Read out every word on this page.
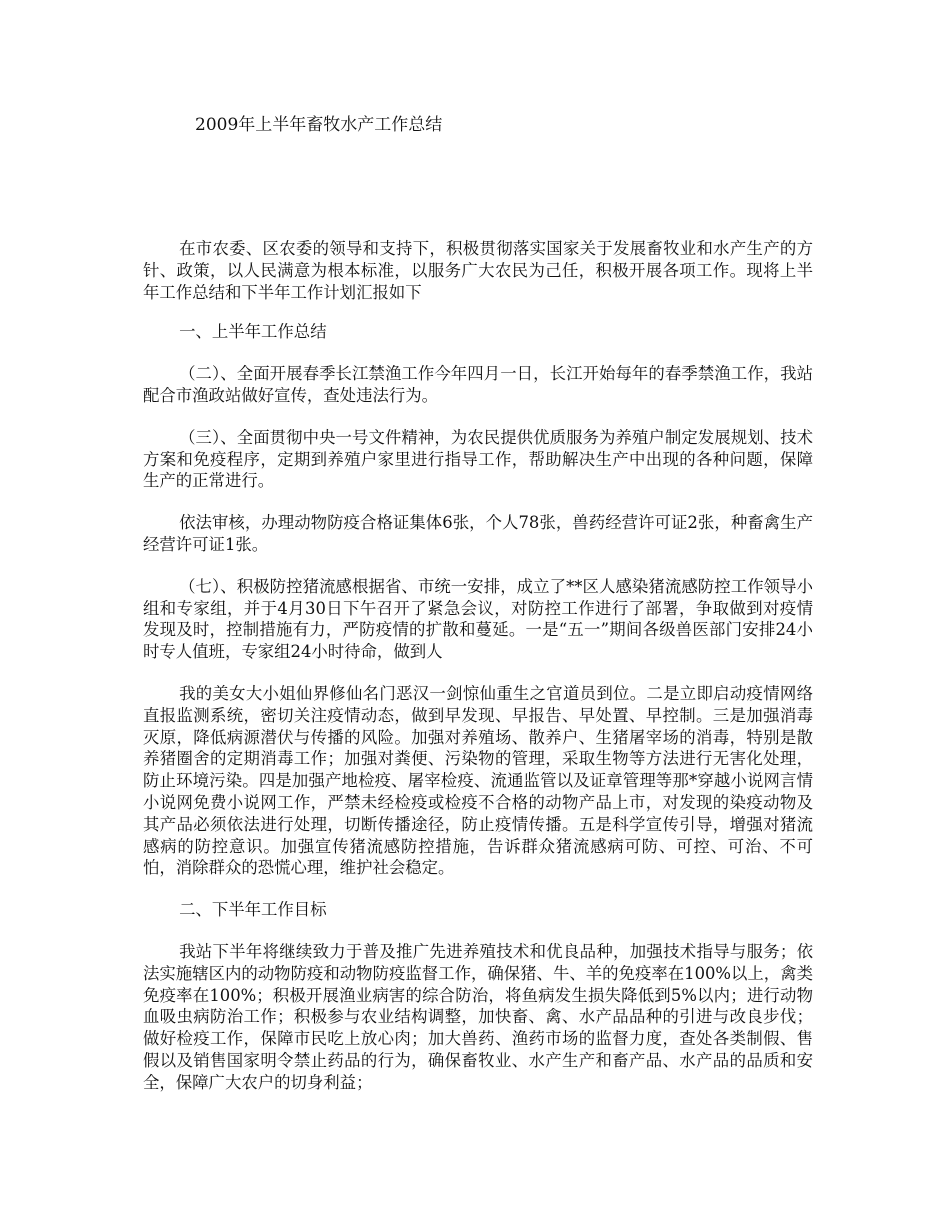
2009年上半年畜牧水产工作总结

在市农委、区农委的领导和支持下，积极贯彻落实国家关于发展畜牧业和水产生产的方针、政策，以人民满意为根本标准，以服务广大农民为己任，积极开展各项工作。现将上半年工作总结和下半年工作计划汇报如下

一、上半年工作总结

（二）、全面开展春季长江禁渔工作今年四月一日，长江开始每年的春季禁渔工作，我站配合市渔政站做好宣传，查处违法行为。

（三）、全面贯彻中央一号文件精神，为农民提供优质服务为养殖户制定发展规划、技术方案和免疫程序，定期到养殖户家里进行指导工作，帮助解决生产中出现的各种问题，保障生产的正常进行。

依法审核，办理动物防疫合格证集体6张，个人78张，兽药经营许可证2张，种畜禽生产经营许可证1张。

（七）、积极防控猪流感根据省、市统一安排，成立了**区人感染猪流感防控工作领导小组和专家组，并于4月30日下午召开了紧急会议，对防控工作进行了部署，争取做到对疫情发现及时，控制措施有力，严防疫情的扩散和蔓延。一是“五一”期间各级兽医部门安排24小时专人值班，专家组24小时待命，做到人

我的美女大小姐仙界修仙名门恶汉一剑惊仙重生之官道员到位。二是立即启动疫情网络直报监测系统，密切关注疫情动态，做到早发现、早报告、早处置、早控制。三是加强消毒灭原，降低病源潜伏与传播的风险。加强对养殖场、散养户、生猪屠宰场的消毒，特别是散养猪圈舍的定期消毒工作；加强对粪便、污染物的管理，采取生物等方法进行无害化处理，防止环境污染。四是加强产地检疫、屠宰检疫、流通监管以及证章管理等那*穿越小说网言情小说网免费小说网工作，严禁未经检疫或检疫不合格的动物产品上市，对发现的染疫动物及其产品必须依法进行处理，切断传播途径，防止疫情传播。五是科学宣传引导，增强对猪流感病的防控意识。加强宣传猪流感防控措施，告诉群众猪流感病可防、可控、可治、不可怕，消除群众的恐慌心理，维护社会稳定。

二、下半年工作目标

我站下半年将继续致力于普及推广先进养殖技术和优良品种，加强技术指导与服务；依法实施辖区内的动物防疫和动物防疫监督工作，确保猪、牛、羊的免疫率在100%以上，禽类免疫率在100%；积极开展渔业病害的综合防治，将鱼病发生损失降低到5%以内；进行动物血吸虫病防治工作；积极参与农业结构调整，加快畜、禽、水产品品种的引进与改良步伐；做好检疫工作，保障市民吃上放心肉；加大兽药、渔药市场的监督力度，查处各类制假、售假以及销售国家明令禁止药品的行为，确保畜牧业、水产生产和畜产品、水产品的品质和安全，保障广大农户的切身利益；
